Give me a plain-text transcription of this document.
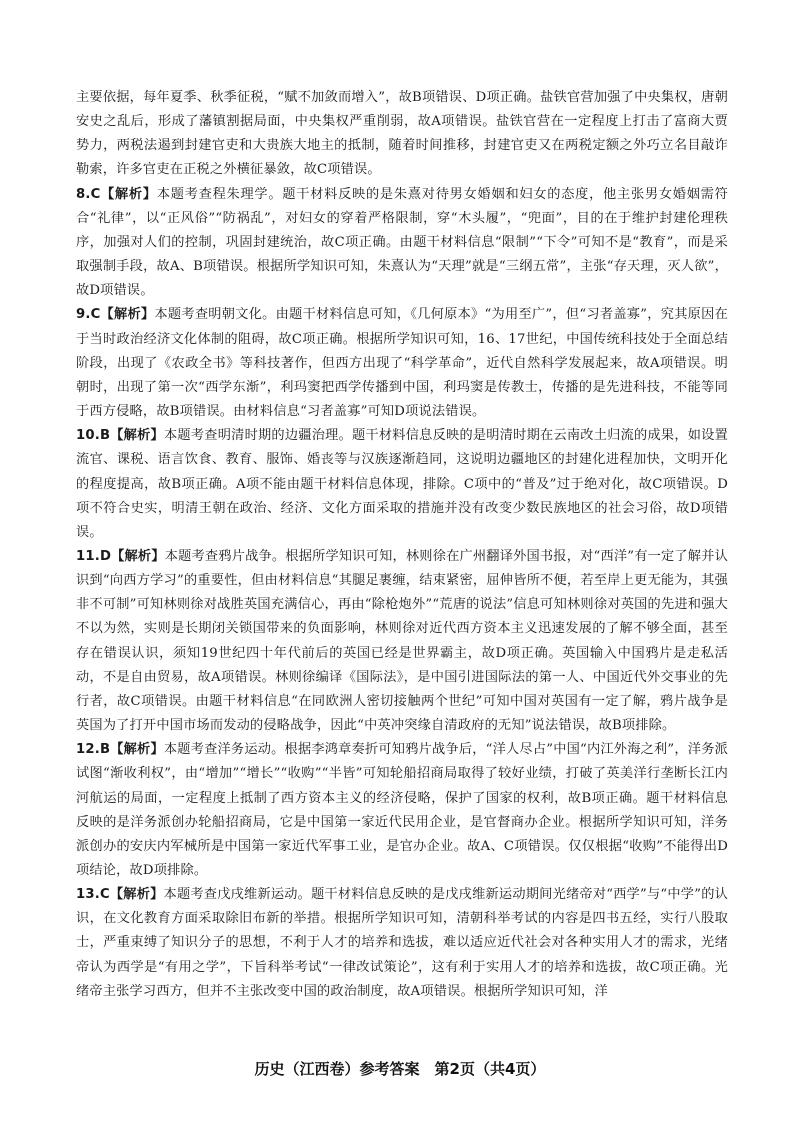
主要依据，每年夏季、秋季征税，“赋不加敛而增入”，故B项错误、D项正确。盐铁官营加强了中央集权，唐朝安史之乱后，形成了藩镇割据局面，中央集权严重削弱，故A项错误。盐铁官营在一定程度上打击了富商大贾势力，两税法遏到封建官吏和大贵族大地主的抵制，随着时间推移，封建官吏又在两税定额之外巧立名目敲诈勒索，许多官吏在正税之外横征暴敛，故C项错误。

8.C【解析】本题考查程朱理学。题干材料反映的是朱熹对待男女婚姻和妇女的态度，他主张男女婚姻需符合“礼律”，以“正风俗”“防祸乱”，对妇女的穿着严格限制，穿“木头履”，“兜面”，目的在于维护封建伦理秩序，加强对人们的控制，巩固封建统治，故C项正确。由题干材料信息“限制”“下令”可知不是“教育”，而是采取强制手段，故A、B项错误。根据所学知识可知，朱熹认为“天理”就是“三纲五常”，主张“存天理，灭人欲”，故D项错误。

9.C【解析】本题考查明朝文化。由题干材料信息可知，《几何原本》“为用至广”，但“习者盖寡”，究其原因在于当时政治经济文化体制的阻碍，故C项正确。根据所学知识可知，16、17世纪，中国传统科技处于全面总结阶段，出现了《农政全书》等科技著作，但西方出现了“科学革命”，近代自然科学发展起来，故A项错误。明朝时，出现了第一次“西学东渐”，利玛窦把西学传播到中国，利玛窦是传教士，传播的是先进科技，不能等同于西方侵略，故B项错误。由材料信息“习者盖寡”可知D项说法错误。

10.B【解析】本题考查明清时期的边疆治理。题干材料信息反映的是明清时期在云南改土归流的成果，如设置流官、课税、语言饮食、教育、服饰、婚丧等与汉族逐渐趋同，这说明边疆地区的封建化进程加快，文明开化的程度提高，故B项正确。A项不能由题干材料信息体现，排除。C项中的“普及”过于绝对化，故C项错误。D项不符合史实，明清王朝在政治、经济、文化方面采取的措施并没有改变少数民族地区的社会习俗，故D项错误。

11.D【解析】本题考查鸦片战争。根据所学知识可知，林则徐在广州翻译外国书报，对“西洋”有一定了解并认识到“向西方学习”的重要性，但由材料信息“其腿足裹缠，结束紧密，屈伸皆所不便，若至岸上更无能为，其强非不可制”可知林则徐对战胜英国充满信心，再由“除枪炮外”“荒唐的说法”信息可知林则徐对英国的先进和强大不以为然，实则是长期闭关锁国带来的负面影响，林则徐对近代西方资本主义迅速发展的了解不够全面，甚至存在错误认识，须知19世纪四十年代前后的英国已经是世界霸主，故D项正确。英国输入中国鸦片是走私活动，不是自由贸易，故A项错误。林则徐编译《国际法》，是中国引进国际法的第一人、中国近代外交事业的先行者，故C项错误。由题干材料信息“在同欧洲人密切接触两个世纪”可知中国对英国有一定了解，鸦片战争是英国为了打开中国市场而发动的侵略战争，因此“中英冲突缘自清政府的无知”说法错误，故B项排除。

12.B【解析】本题考查洋务运动。根据李鸿章奏折可知鸦片战争后，“洋人尽占”中国“内江外海之利”，洋务派试图“渐收利权”，由“增加”“增长”“收购”“半皆”可知轮船招商局取得了较好业绩，打破了英美洋行垄断长江内河航运的局面，一定程度上抵制了西方资本主义的经济侵略，保护了国家的权利，故B项正确。题干材料信息反映的是洋务派创办轮船招商局，它是中国第一家近代民用企业，是官督商办企业。根据所学知识可知，洋务派创办的安庆内军械所是中国第一家近代军事工业，是官办企业。故A、C项错误。仅仅根据“收购”不能得出D项结论，故D项排除。

13.C【解析】本题考查戊戌维新运动。题干材料信息反映的是戊戌维新运动期间光绪帝对“西学”与“中学”的认识，在文化教育方面采取除旧布新的举措。根据所学知识可知，清朝科举考试的内容是四书五经，实行八股取士，严重束缚了知识分子的思想，不利于人才的培养和选拔，难以适应近代社会对各种实用人才的需求，光绪帝认为西学是“有用之学”，下旨科举考试“一律改试策论”，这有利于实用人才的培养和选拔，故C项正确。光绪帝主张学习西方，但并不主张改变中国的政治制度，故A项错误。根据所学知识可知，洋

历史（江西卷）参考答案　第2页（共4页）
